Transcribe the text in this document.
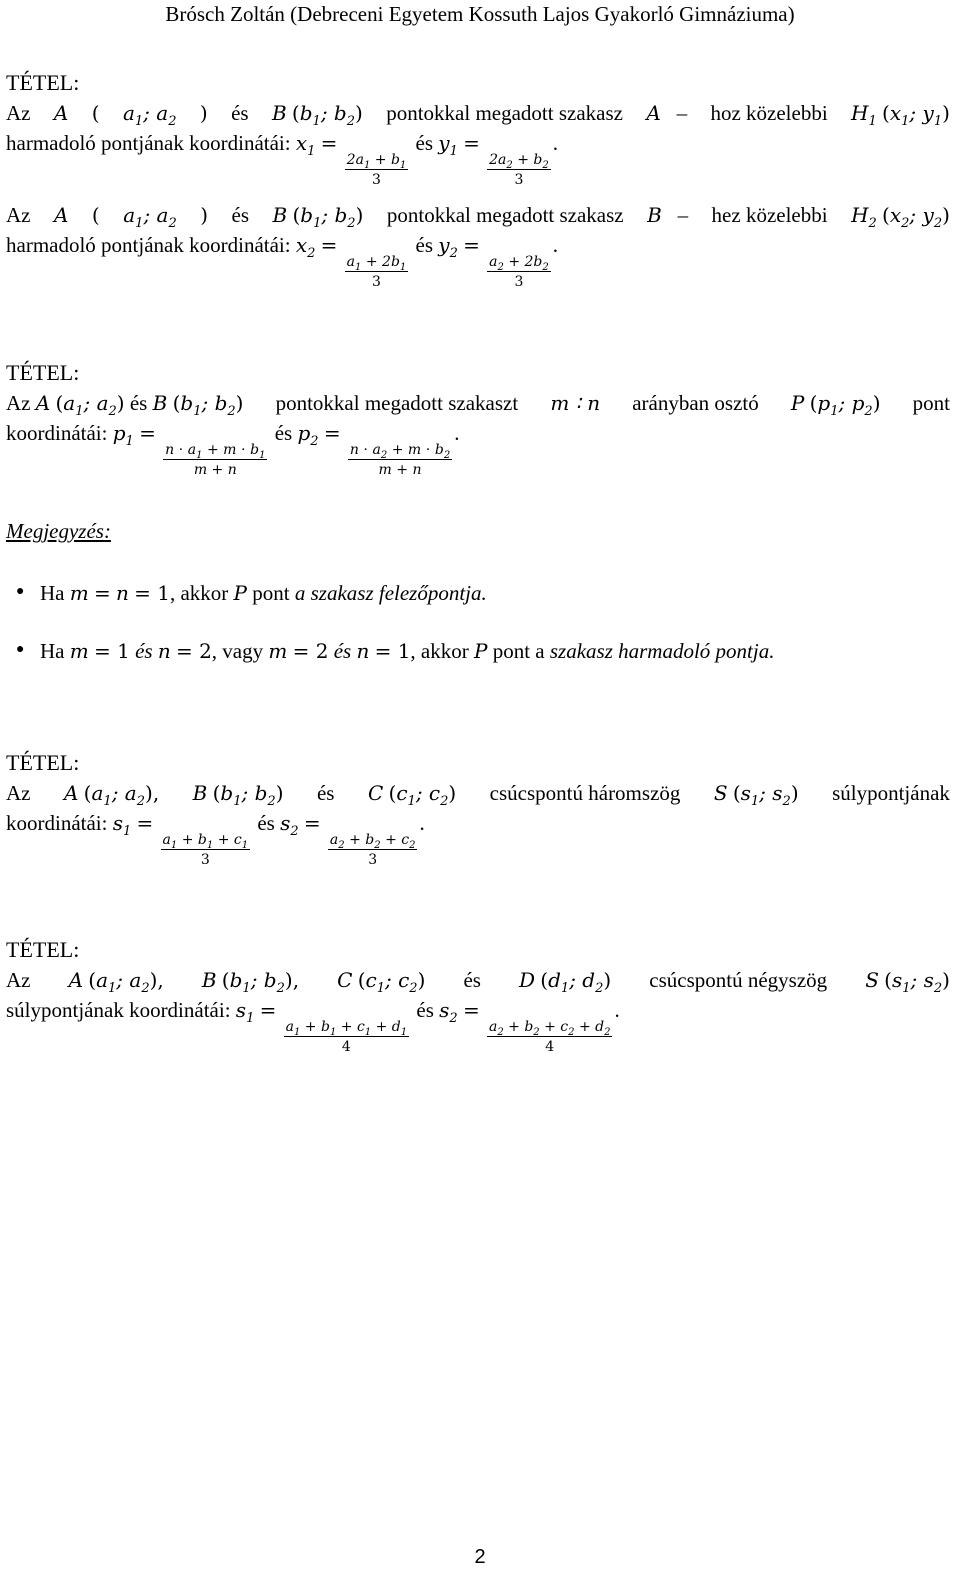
Brósch Zoltán (Debreceni Egyetem Kossuth Lajos Gyakorló Gimnáziuma)
TÉTEL:
Az A ( $a_1$; $a_2$ ) és B ($b_1$; $b_2$) pontokkal megadott szakasz A   – hoz közelebbi $H_1$ ($x_1$; $y_1$)
harmadoló pontjának koordinátái: $x_1$ =
$\frac{2a_1 + b_1}{3}$
és $y_1$ =
$\frac{2a_2 + b_2}{3}$
.
Az A ( $a_1$; $a_2$ ) és B ($b_1$; $b_2$) pontokkal megadott szakasz B   – hez közelebbi $H_2$ ($x_2$; $y_2$)
harmadoló pontjának koordinátái: $x_2$ =
$\frac{a_1 + 2b_1}{3}$
és $y_2$ =
$\frac{a_2 + 2b_2}{3}$
.
TÉTEL:
Az A ($a_1$; $a_2$) és B ($b_1$; $b_2$) pontokkal megadott szakaszt m ∶ n arányban osztó P ($p_1$; $p_2$) pont
koordinátái: $p_1$ =
$\frac{n \cdot a_1 + m \cdot b_1}{m + n}$
és $p_2$ =
$\frac{n \cdot a_2 + m \cdot b_2}{m + n}$
.
Megjegyzés:
● Ha m = n = 1, akkor P pont a szakasz felezőpontja.
● Ha m = 1 és n = 2, vagy m = 2 és n = 1, akkor P pont a szakasz harmadoló pontja.
TÉTEL:
Az A ($a_1$; $a_2$), B ($b_1$; $b_2$) és C ($c_1$; $c_2$) csúcspontú háromszög S ($s_1$; $s_2$) súlypontjának
koordinátái: $s_1$ =
$\frac{a_1 + b_1 + c_1}{3}$
és $s_2$ =
$\frac{a_2 + b_2 + c_2}{3}$
.
TÉTEL:
Az A ($a_1$; $a_2$), B ($b_1$; $b_2$), C ($c_1$; $c_2$) és D ($d_1$; $d_2$) csúcspontú négyszög S ($s_1$; $s_2$)
súlypontjának koordinátái: $s_1$ =
$\frac{a_1 + b_1 + c_1 + d_1}{4}$
és $s_2$ =
$\frac{a_2 + b_2 + c_2 + d_2}{4}$
.
2
